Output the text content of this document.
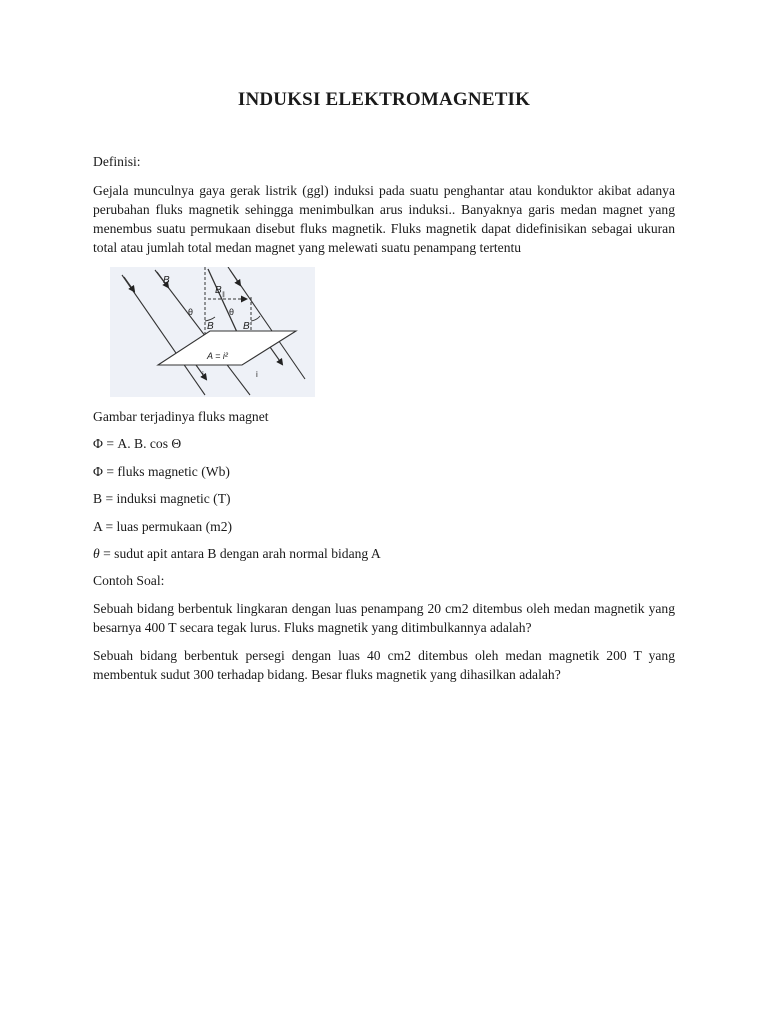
INDUKSI ELEKTROMAGNETIK

Definisi:

Gejala munculnya gaya gerak listrik (ggl) induksi pada suatu penghantar atau konduktor akibat adanya perubahan fluks magnetik sehingga menimbulkan arus induksi.. Banyaknya garis medan magnet yang menembus suatu permukaan disebut fluks magnetik. Fluks magnetik dapat didefinisikan sebagai ukuran total atau jumlah total medan magnet yang melewati suatu penampang tertentu

B
B ∥
θ	θ
B	B
A = i²
i	i

Gambar terjadinya fluks magnet

Φ = A. B. cos Θ

Φ = fluks magnetic (Wb)

B = induksi magnetic (T)

A = luas permukaan (m2)

θ = sudut apit antara B dengan arah normal bidang A

Contoh Soal:

Sebuah bidang berbentuk lingkaran dengan luas penampang 20 cm2 ditembus oleh medan magnetik yang besarnya 400 T secara tegak lurus. Fluks magnetik yang ditimbulkannya adalah?

Sebuah bidang berbentuk persegi dengan luas 40 cm2 ditembus oleh medan magnetik 200 T yang membentuk sudut 300 terhadap bidang. Besar fluks magnetik yang dihasilkan adalah?
